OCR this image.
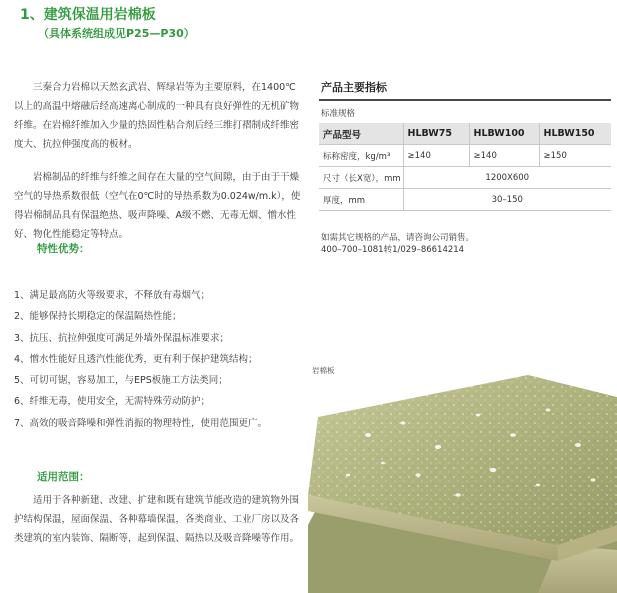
1、建筑保温用岩棉板
（具体系统组成见P25—P30）

三秦合力岩棉以天然玄武岩、辉绿岩等为主要原料，在1400℃以上的高温中熔融后经高速离心制成的一种具有良好弹性的无机矿物纤维。在岩棉纤维加入少量的热固性粘合剂后经三维打褶制成纤维密度大、抗拉伸强度高的板材。

岩棉制品的纤维与纤维之间存在大量的空气间隙，由于由于干燥空气的导热系数很低（空气在0℃时的导热系数为0.024w/m.k），使得岩棉制品具有保温绝热、吸声降噪、A级不燃、无毒无烟、憎水性好、物化性能稳定等特点。

特性优势：
1、满足最高防火等级要求，不释放有毒烟气；
2、能够保持长期稳定的保温隔热性能；
3、抗压、抗拉伸强度可满足外墙外保温标准要求；
4、憎水性能好且透汽性能优秀，更有利于保护建筑结构；
5、可切可锯，容易加工，与EPS板施工方法类同；
6、纤维无毒，使用安全，无需特殊劳动防护；
7、高效的吸音降噪和弹性消振的物理特性，使用范围更广。
适用范围：

适用于各种新建、改建、扩建和既有建筑节能改造的建筑物外围护结构保温，屋面保温、各种幕墙保温，各类商业、工业厂房以及各类建筑的室内装饰、隔断等，起到保温、隔热以及吸音降噪等作用。

产品主要指标
标准规格
产品型号	HLBW75	HLBW100	HLBW150
标称密度，kg/m³	≥140	≥140	≥150
尺寸（长X宽），mm	1200X600		
厚度，mm	30–150		
如需其它规格的产品，请咨询公司销售。
400–700–1081转1/029–86614214
岩棉板
